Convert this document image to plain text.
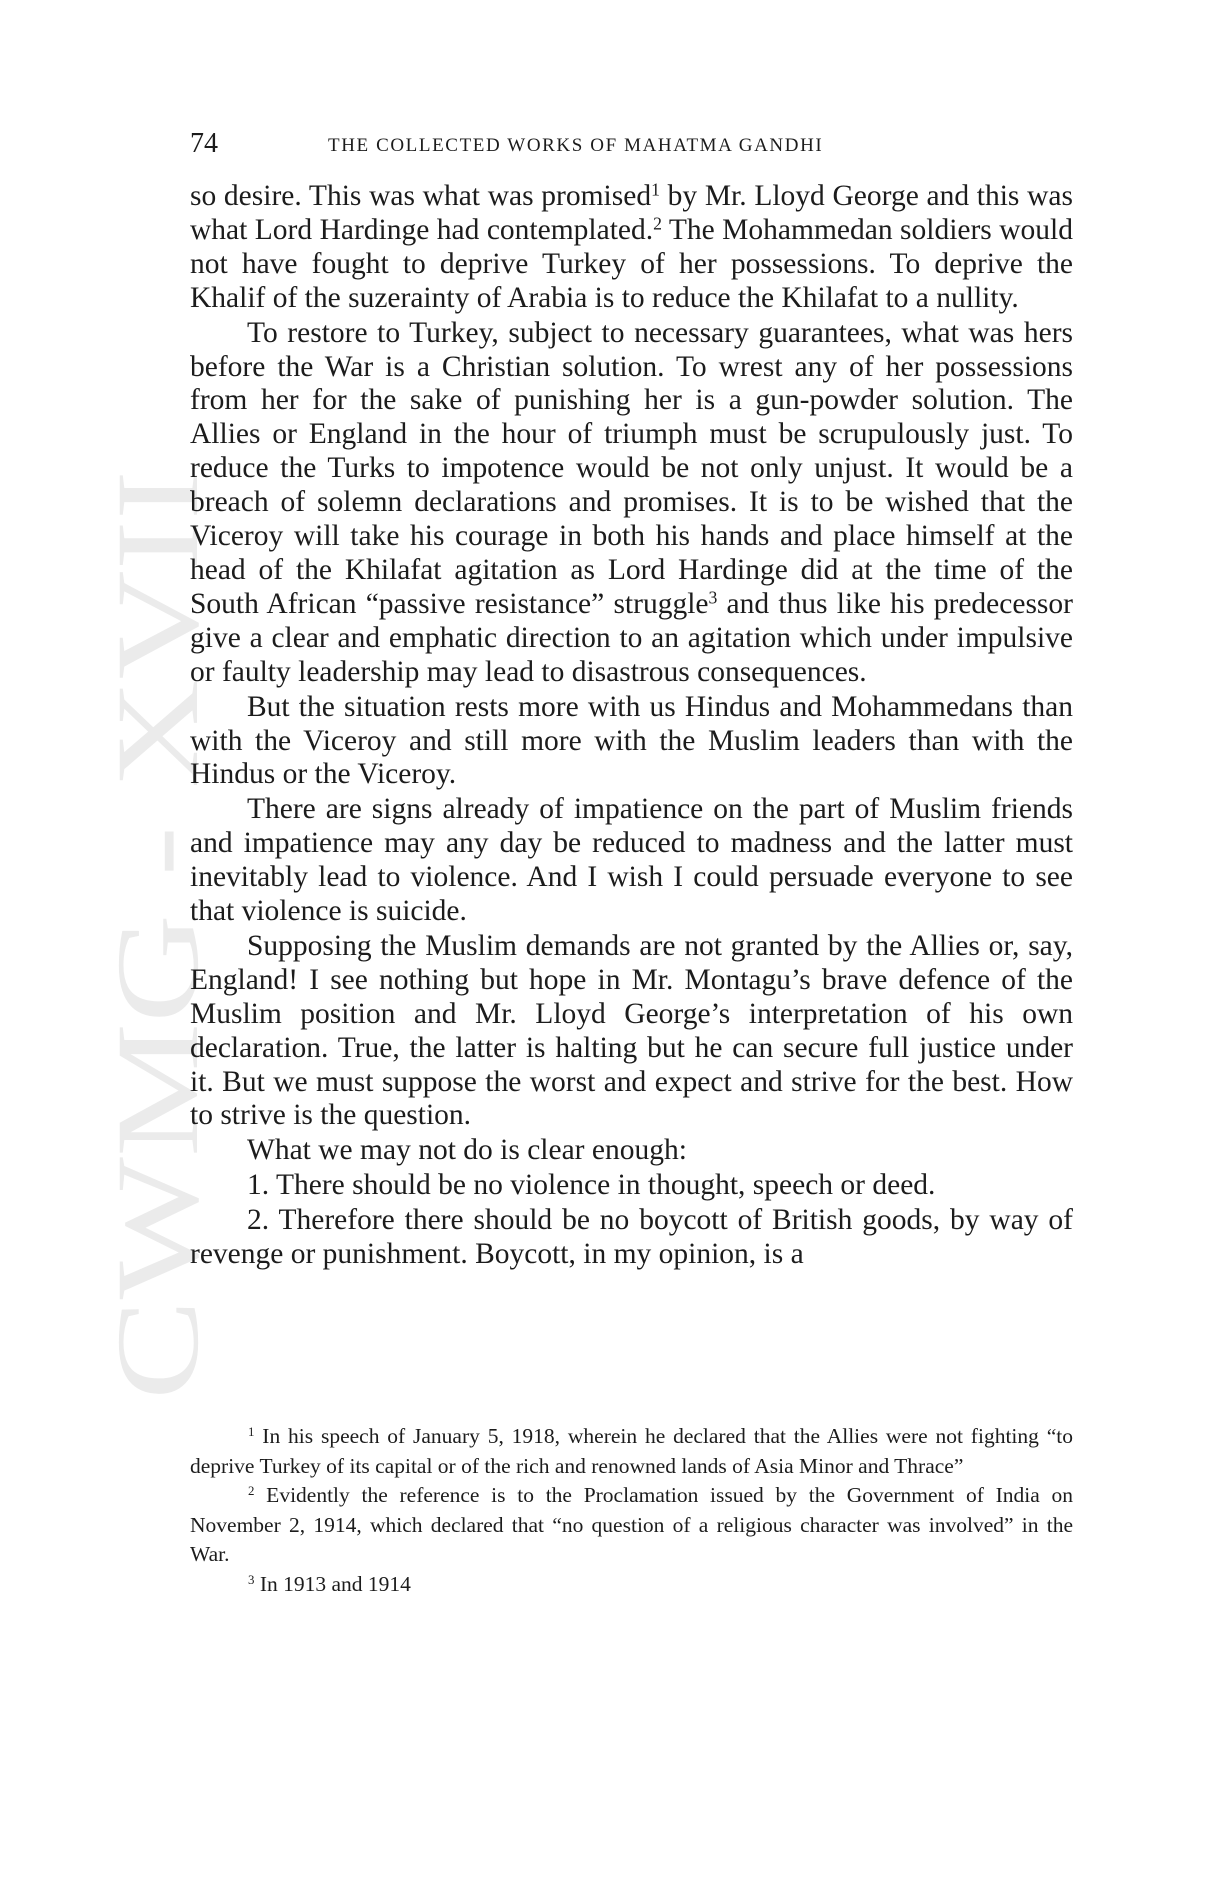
CWMG - XVII
74	THE COLLECTED WORKS OF MAHATMA GANDHI

so desire. This was what was promised$^1$ by Mr. Lloyd George and this was what Lord Hardinge had contemplated.$^2$ The Mohammedan soldiers would not have fought to deprive Turkey of her possessions. To deprive the Khalif of the suzerainty of Arabia is to reduce the Khilafat to a nullity.

To restore to Turkey, subject to necessary guarantees, what was hers before the War is a Christian solution. To wrest any of her possessions from her for the sake of punishing her is a gun-powder solution. The Allies or England in the hour of triumph must be scrupulously just. To reduce the Turks to impotence would be not only unjust. It would be a breach of solemn declarations and promises. It is to be wished that the Viceroy will take his courage in both his hands and place himself at the head of the Khilafat agitation as Lord Hardinge did at the time of the South African “passive resistance” struggle$^3$ and thus like his predecessor give a clear and emphatic direction to an agitation which under impulsive or faulty leadership may lead to disastrous consequences.

But the situation rests more with us Hindus and Mohammedans than with the Viceroy and still more with the Muslim leaders than with the Hindus or the Viceroy.

There are signs already of impatience on the part of Muslim friends and impatience may any day be reduced to madness and the latter must inevitably lead to violence. And I wish I could persuade everyone to see that violence is suicide.

Supposing the Muslim demands are not granted by the Allies or, say, England! I see nothing but hope in Mr. Montagu’s brave defence of the Muslim position and Mr. Lloyd George’s interpretation of his own declaration. True, the latter is halting but he can secure full justice under it. But we must suppose the worst and expect and strive for the best. How to strive is the question.

What we may not do is clear enough:

1. There should be no violence in thought, speech or deed.

2. Therefore there should be no boycott of British goods, by way of revenge or punishment. Boycott, in my opinion, is a

$^1$ In his speech of January 5, 1918, wherein he declared that the Allies were not fighting “to deprive Turkey of its capital or of the rich and renowned lands of Asia Minor and Thrace”

$^2$ Evidently the reference is to the Proclamation issued by the Government of India on November 2, 1914, which declared that “no question of a religious character was involved” in the War.

$^3$ In 1913 and 1914
